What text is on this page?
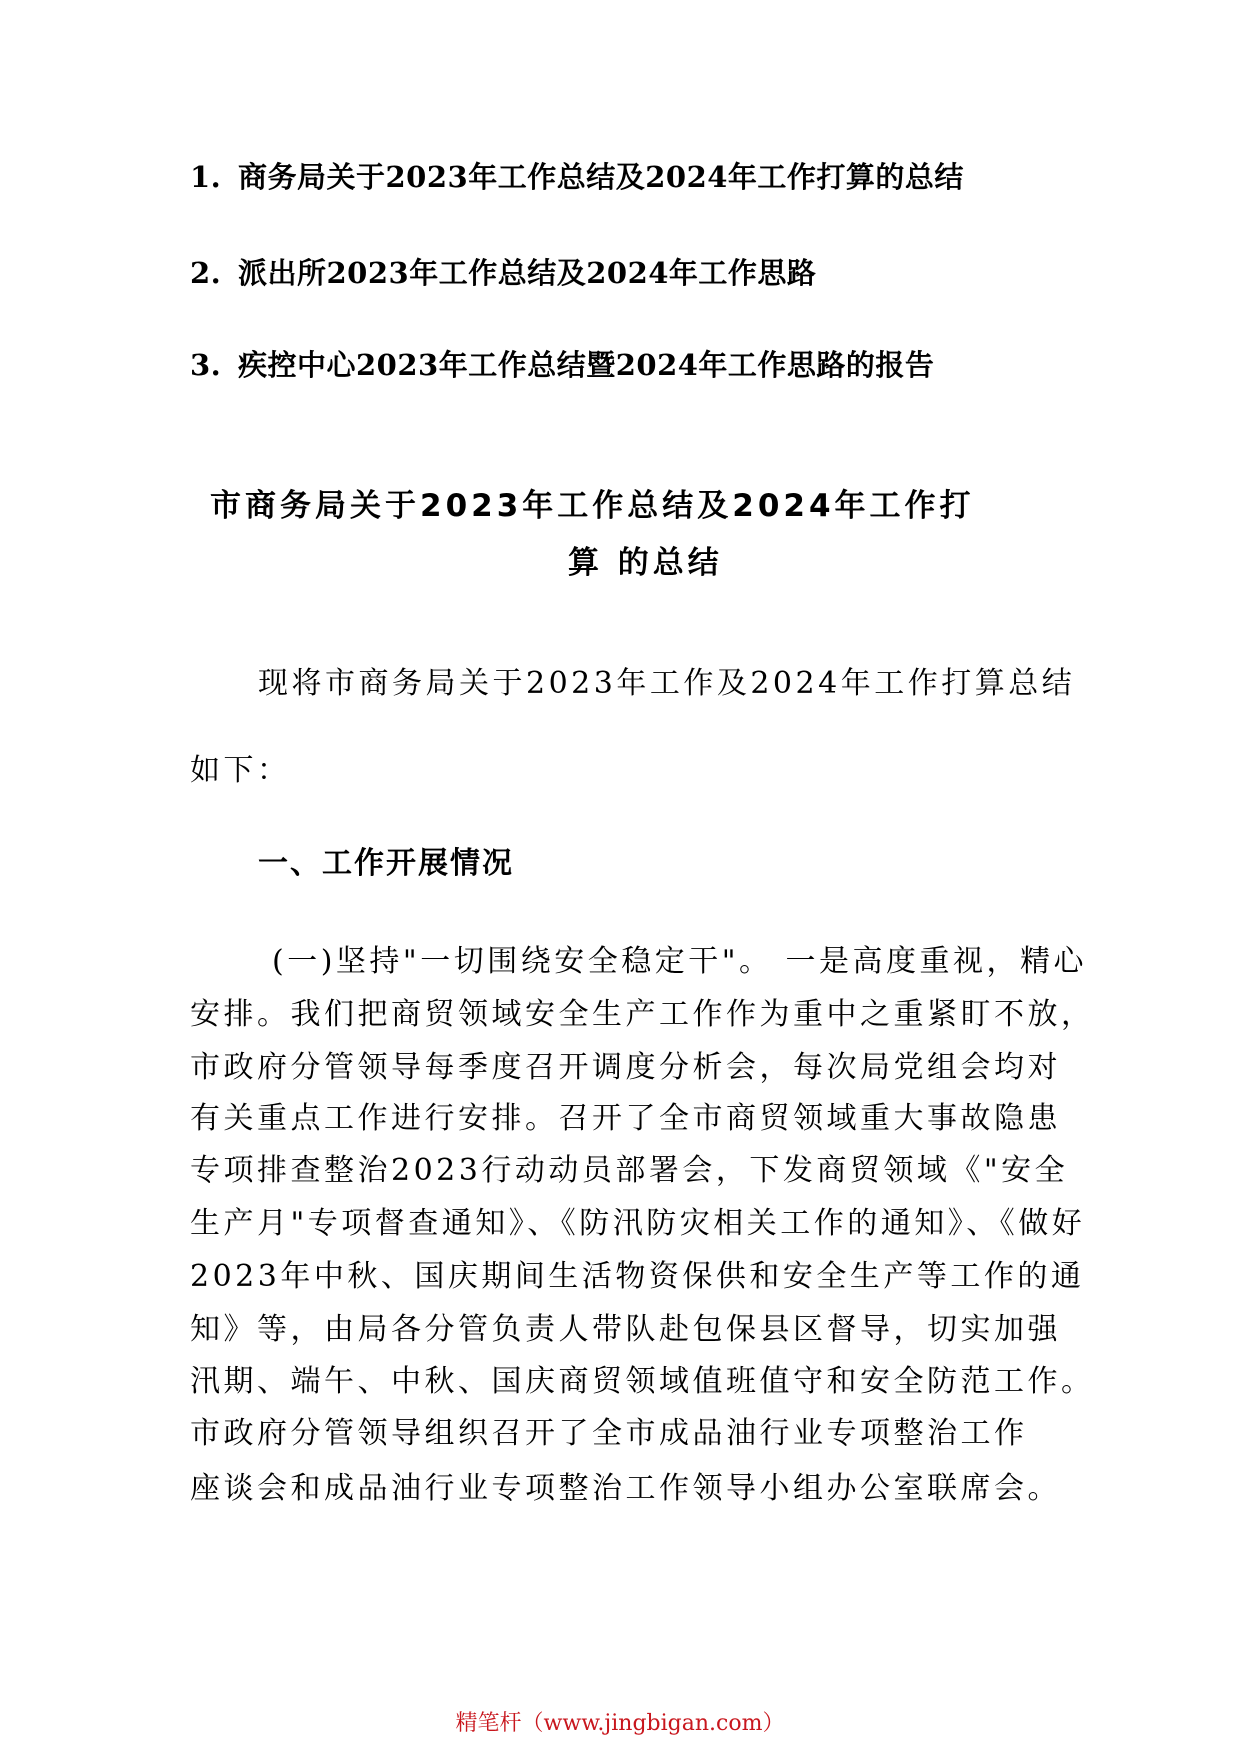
1. 商务局关于2023年工作总结及2024年工作打算的总结
2. 派出所2023年工作总结及2024年工作思路
3. 疾控中心2023年工作总结暨2024年工作思路的报告
市商务局关于2023年工作总结及2024年工作打
算 的总结
现将市商务局关于2023年工作及2024年工作打算总结
如下：
一、工作开展情况
(一)坚持"一切围绕安全稳定干"。 一是高度重视，精心
安排。我们把商贸领域安全生产工作作为重中之重紧盯不放，
市政府分管领导每季度召开调度分析会，每次局党组会均对
有关重点工作进行安排。召开了全市商贸领域重大事故隐患
专项排查整治2023行动动员部署会，下发商贸领域《"安全
生产月"专项督查通知》、《防汛防灾相关工作的通知》、《做好
2023年中秋、国庆期间生活物资保供和安全生产等工作的通
知》等，由局各分管负责人带队赴包保县区督导，切实加强
汛期、端午、中秋、国庆商贸领域值班值守和安全防范工作。
市政府分管领导组织召开了全市成品油行业专项整治工作
座谈会和成品油行业专项整治工作领导小组办公室联席会。
精笔杆（www.jingbigan.com）
